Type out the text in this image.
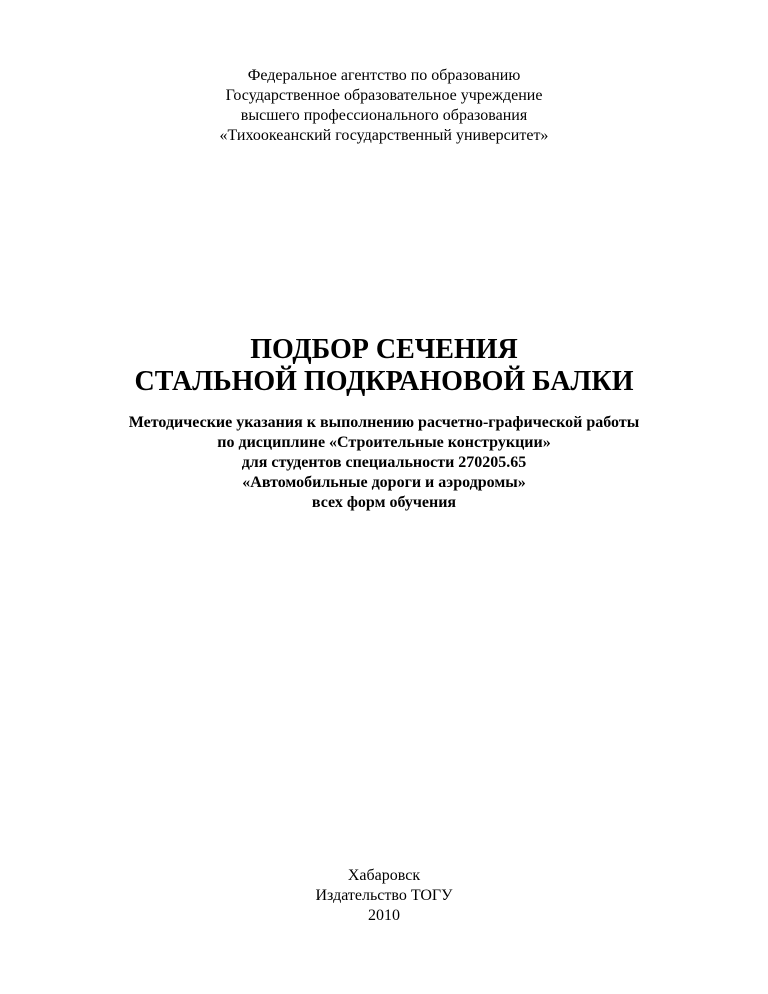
Федеральное агентство по образованию
Государственное образовательное учреждение
высшего профессионального образования
«Тихоокеанский государственный университет»
ПОДБОР СЕЧЕНИЯ
СТАЛЬНОЙ ПОДКРАНОВОЙ БАЛКИ
Методические указания к выполнению расчетно-графической работы
по дисциплине «Строительные конструкции»
для студентов специальности 270205.65
«Автомобильные дороги и аэродромы»
всех форм обучения
Хабаровск
Издательство ТОГУ
2010
